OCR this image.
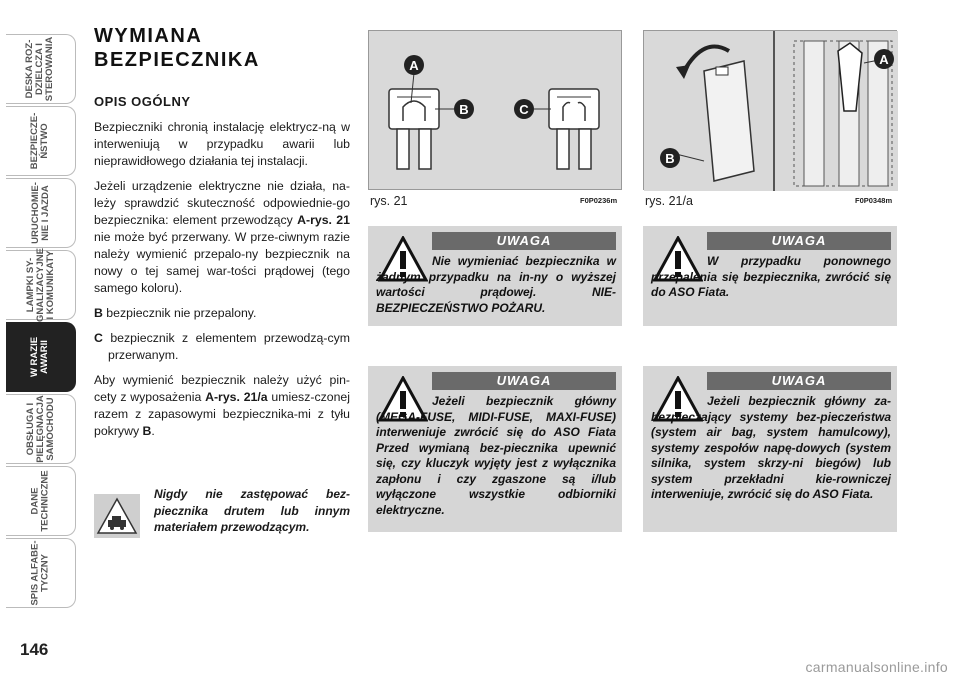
DESKA ROZ-
DZIELCZA I
STEROWANIA
BEZPIECZE-
ŃSTWO
URUCHOMIE-
NIE I JAZDA
LAMPKI SY-
GNALIZACYJNE
I KOMUNIKATY
W RAZIE
AWARII
OBSŁUGA I
PIELĘGNACJA
SAMOCHODU
DANE
TECHNICZNE
SPIS ALFABE-
TYCZNY
146
WYMIANA
BEZPIECZNIKA
OPIS OGÓLNY

Bezpieczniki chronią instalację elektrycz-ną w interweniują w przypadku awarii lub nieprawidłowego działania tej instalacji.

Jeżeli urządzenie elektryczne nie działa, na-leży sprawdzić skuteczność odpowiednie-go bezpiecznika: element przewodzący A-rys. 21 nie może być przerwany. W prze-ciwnym razie należy wymienić przepalo-ny bezpiecznik na nowy o tej samej war-tości prądowej (tego samego koloru).

B bezpiecznik nie przepalony.

C bezpiecznik z elementem przewodzą-cym przerwanym.

Aby wymienić bezpiecznik należy użyć pin-cety z wyposażenia A-rys. 21/a umiesz-czonej razem z zapasowymi bezpiecznika-mi z tyłu pokrywy B.

Nigdy nie zastępować bez-piecznika drutem lub innym materiałem przewodzącym.
A
B	C
rys. 21	F0P0236m
A
B
rys. 21/a	F0P0348m
UWAGA
Nie wymieniać bezpiecznika w żadnym przypadku na in-ny o wyższej wartości prądowej. NIE-BEZPIECZEŃSTWO POŻARU.
UWAGA
W przypadku ponownego przepalenia się bezpiecznika, zwrócić się do ASO Fiata.
UWAGA
Jeżeli bezpiecznik główny (MEGA-FUSE, MIDI-FUSE, MAXI-FUSE) interweniuje zwrócić się do ASO Fiata Przed wymianą bez-piecznika upewnić się, czy kluczyk wyjęty jest z wyłącznika zapłonu i czy zgaszone są i/lub wyłączone wszystkie odbiorniki elektryczne.
UWAGA
Jeżeli bezpiecznik główny za-bezpieczający systemy bez-pieczeństwa (system air bag, system hamulcowy), systemy zespołów napę-dowych (system silnika, system skrzy-ni biegów) lub system przekładni kie-rowniczej interweniuje, zwrócić się do ASO Fiata.
carmanualsonline.info
